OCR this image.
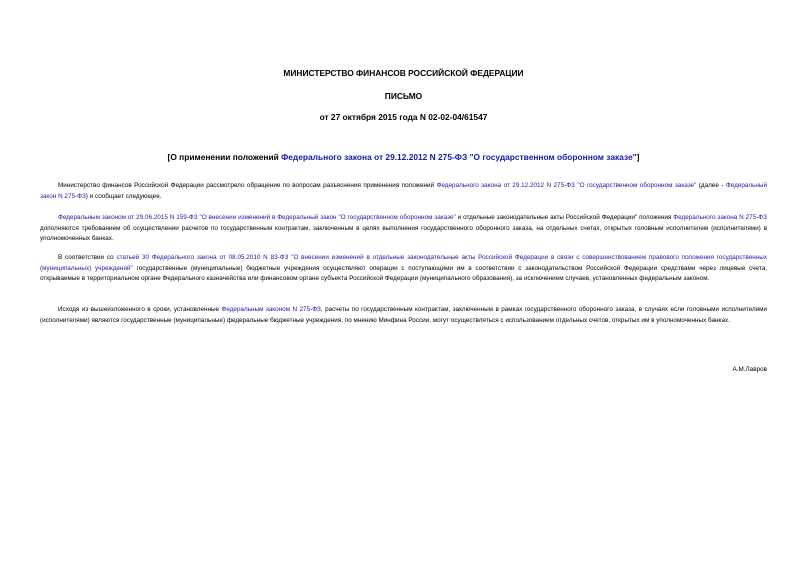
МИНИСТЕРСТВО ФИНАНСОВ РОССИЙСКОЙ ФЕДЕРАЦИИ
ПИСЬМО
от 27 октября 2015 года N 02-02-04/61547
[О применении положений Федерального закона от 29.12.2012 N 275-ФЗ "О государственном оборонном заказе"]
Министерство финансов Российской Федерации рассмотрело обращение по вопросам разъяснения применения положений Федерального закона от 29.12.2012 N 275-ФЗ "О государственном оборонном заказе" (далее - Федеральный закон N 275-ФЗ) и сообщает следующее.
Федеральным законом от 29.06.2015 N 159-ФЗ "О внесении изменений в Федеральный закон "О государственном оборонном заказе" и отдельные законодательные акты Российской Федерации" положения Федерального закона N 275-ФЗ дополняются требованием об осуществлении расчетов по государственным контрактам, заключенным в целях выполнения государственного оборонного заказа, на отдельных счетах, открытых головным исполнителем (исполнителями) в уполномоченных банках.
В соответствии со статьей 30 Федерального закона от 08.05.2010 N 83-ФЗ "О внесении изменений в отдельные законодательные акты Российской Федерации в связи с совершенствованием правового положения государственных (муниципальных) учреждений" государственные (муниципальные) бюджетные учреждения осуществляют операции с поступающими им в соответствии с законодательством Российской Федерации средствами через лицевые счета, открываемые в территориальном органе Федерального казначейства или финансовом органе субъекта Российской Федерации (муниципального образования), за исключением случаев, установленных федеральным законом.
Исходя из вышеизложенного в сроки, установленные Федеральным законом N 275-ФЗ, расчеты по государственным контрактам, заключенным в рамках государственного оборонного заказа, в случаях если головными исполнителями (исполнителями) являются государственные (муниципальные) федеральные бюджетные учреждения, по мнению Минфина России, могут осуществляться с использованием отдельных счетов, открытых им в уполномоченных банках.
А.М.Лавров
